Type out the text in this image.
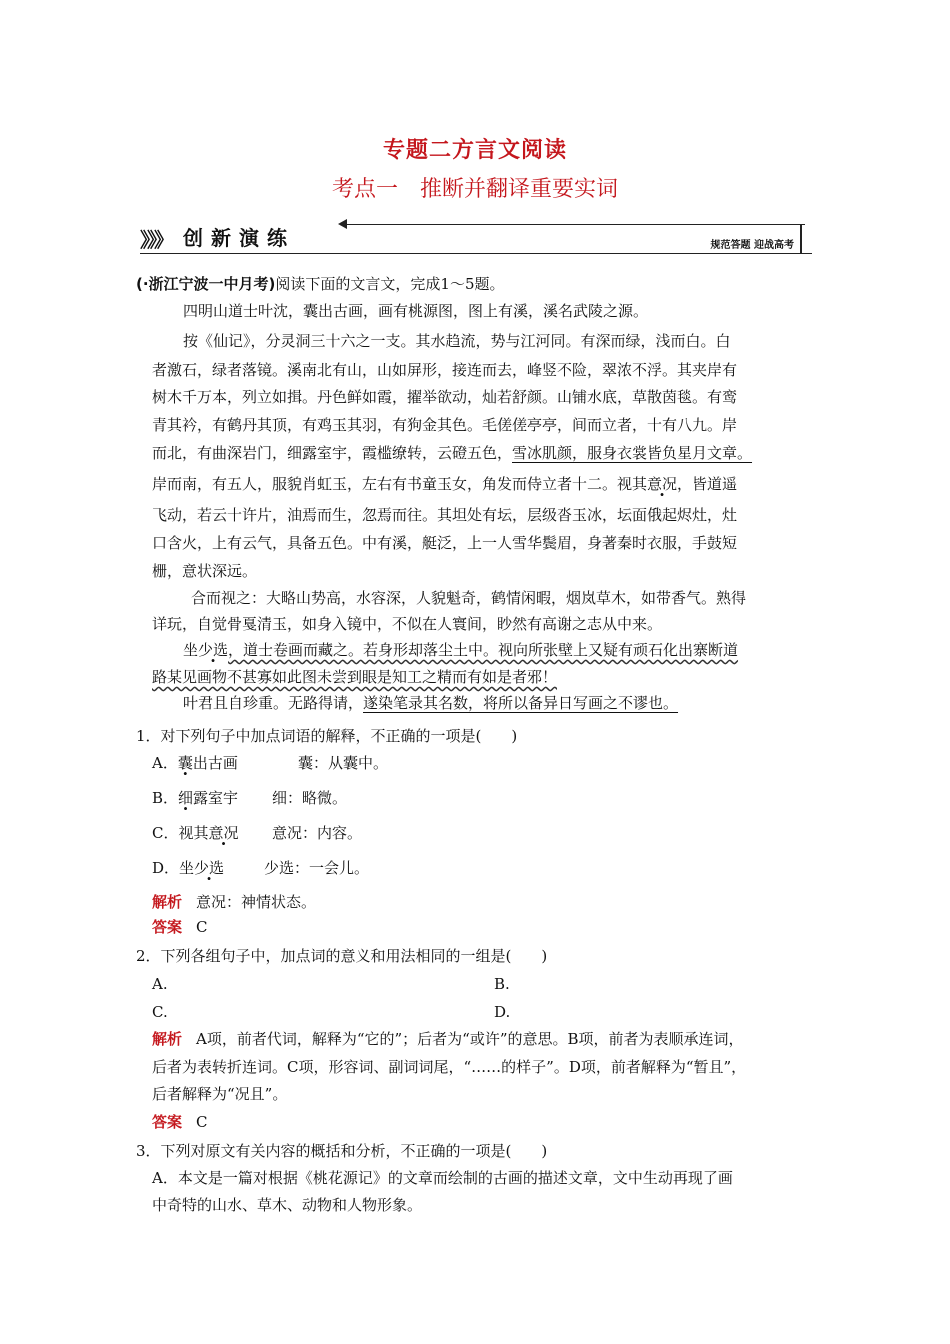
专题二方言文阅读
考点一　推断并翻译重要实词
》》》 创新演练	规范答题 迎战高考
(·浙江宁波一中月考)阅读下面的文言文，完成1～5题。
四明山道士叶沈，囊出古画，画有桃源图，图上有溪，溪名武陵之源。
按《仙记》，分灵洞三十六之一支。其水趋流，势与江河同。有深而绿，浅而白。白
者激石，绿者落镜。溪南北有山，山如屏形，接连而去，峰竖不险，翠浓不浮。其夹岸有
树木千万本，列立如揖。丹色鲜如霞，擢举欲动，灿若舒颜。山铺水底，草散茵毯。有鸾
青其衿，有鹤丹其顶，有鸡玉其羽，有狗金其色。毛傞傞亭亭，间而立者，十有八九。岸
而北，有曲深岩门，细露室宇，霞槛缭转，云磴五色，雪冰肌颜，服身衣裳皆负星月文章。
岸而南，有五人，服貌肖虹玉，左右有书童玉女，角发而侍立者十二。视其意况，皆道遥
飞动，若云十许片，油焉而生，忽焉而往。其坦处有坛，层级沓玉冰，坛面俄起烬灶，灶
口含火，上有云气，具备五色。中有溪，艇泛，上一人雪华鬓眉，身著秦时衣服，手鼓短
栅，意状深远。
合而视之：大略山势高，水容深，人貌魁奇，鹤情闲暇，烟岚草木，如带香气。熟得
详玩，自觉骨戛清玉，如身入镜中，不似在人寰间，眇然有高谢之志从中来。
坐少选，道士卷画而藏之。若身形却落尘土中。视向所张壁上又疑有顽石化出寨断道
路某见画物不甚寡如此图未尝到眼是知工之精而有如是者邪！
叶君且自珍重。无路得请，遂染笔录其名数，将所以备异日写画之不谬也。
1．对下列句子中加点词语的解释，不正确的一项是(　　)
A．囊出古画	囊：从囊中。
B．细露室宇 细：略微。
C．视其意况 意况：内容。
D．坐少选	少选：一会儿。
解析 意况：神情状态。
答案 C
2．下列各组句子中，加点词的意义和用法相同的一组是(　　)
A.	B.
C.	D.
解析 A项，前者代词，解释为“它的”；后者为“或许”的意思。B项，前者为表顺承连词，
后者为表转折连词。C项，形容词、副词词尾，“……的样子”。D项，前者解释为“暂且”，
后者解释为“况且”。
答案 C
3．下列对原文有关内容的概括和分析，不正确的一项是(　　)
A．本文是一篇对根据《桃花源记》的文章而绘制的古画的描述文章，文中生动再现了画
中奇特的山水、草木、动物和人物形象。
